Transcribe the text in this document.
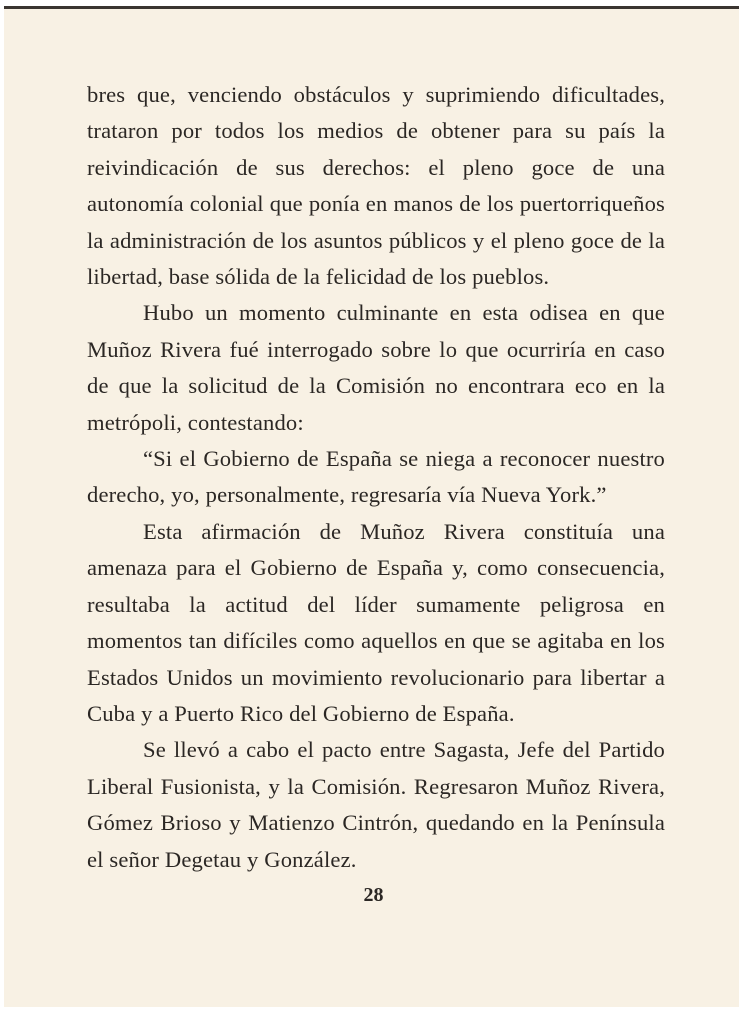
bres que, venciendo obstáculos y suprimiendo dificultades, trataron por todos los medios de obtener para su país la reivindicación de sus derechos: el pleno goce de una autonomía colonial que ponía en manos de los puertorriqueños la administración de los asuntos públicos y el pleno goce de la libertad, base sólida de la felicidad de los pueblos.

Hubo un momento culminante en esta odisea en que Muñoz Rivera fué interrogado sobre lo que ocurriría en caso de que la solicitud de la Comisión no encontrara eco en la metrópoli, contestando:

“Si el Gobierno de España se niega a reconocer nuestro derecho, yo, personalmente, regresaría vía Nueva York.”

Esta afirmación de Muñoz Rivera constituía una amenaza para el Gobierno de España y, como consecuencia, resultaba la actitud del líder sumamente peligrosa en momentos tan difíciles como aquellos en que se agitaba en los Estados Unidos un movimiento revolucionario para libertar a Cuba y a Puerto Rico del Gobierno de España.

Se llevó a cabo el pacto entre Sagasta, Jefe del Partido Liberal Fusionista, y la Comisión. Regresaron Muñoz Rivera, Gómez Brioso y Matienzo Cintrón, quedando en la Península el señor Degetau y González.

28
